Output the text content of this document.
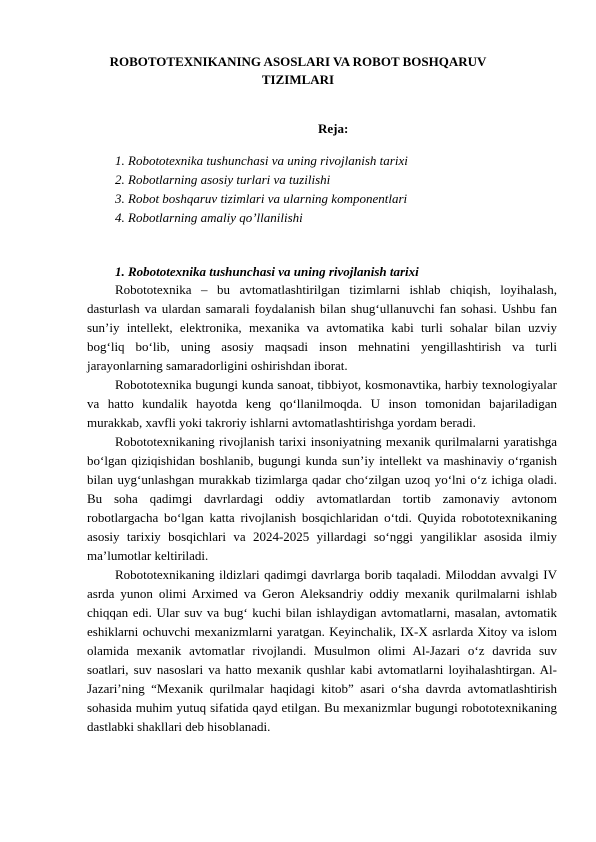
ROBOTOTEXNIKANING ASOSLARI VA ROBOT BOSHQARUV TIZIMLARI
Reja:
1. Robototexnika tushunchasi va uning rivojlanish tarixi
2. Robotlarning asosiy turlari va tuzilishi
3. Robot boshqaruv tizimlari va ularning komponentlari
4. Robotlarning amaliy qo’llanilishi
1. Robototexnika tushunchasi va uning rivojlanish tarixi

Robototexnika – bu avtomatlashtirilgan tizimlarni ishlab chiqish, loyihalash, dasturlash va ulardan samarali foydalanish bilan shug‘ullanuvchi fan sohasi. Ushbu fan sun’iy intellekt, elektronika, mexanika va avtomatika kabi turli sohalar bilan uzviy bog‘liq bo‘lib, uning asosiy maqsadi inson mehnatini yengillashtirish va turli jarayonlarning samaradorligini oshirishdan iborat.

Robototexnika bugungi kunda sanoat, tibbiyot, kosmonavtika, harbiy texnologiyalar va hatto kundalik hayotda keng qo‘llanilmoqda. U inson tomonidan bajariladigan murakkab, xavfli yoki takroriy ishlarni avtomatlashtirishga yordam beradi.

Robototexnikaning rivojlanish tarixi insoniyatning mexanik qurilmalarni yaratishga bo‘lgan qiziqishidan boshlanib, bugungi kunda sun’iy intellekt va mashinaviy o‘rganish bilan uyg‘unlashgan murakkab tizimlarga qadar cho‘zilgan uzoq yo‘lni o‘z ichiga oladi. Bu soha qadimgi davrlardagi oddiy avtomatlardan tortib zamonaviy avtonom robotlargacha bo‘lgan katta rivojlanish bosqichlaridan o‘tdi. Quyida robototexnikaning asosiy tarixiy bosqichlari va 2024-2025 yillardagi so‘nggi yangiliklar asosida ilmiy ma’lumotlar keltiriladi.

Robototexnikaning ildizlari qadimgi davrlarga borib taqaladi. Miloddan avvalgi IV asrda yunon olimi Arximed va Geron Aleksandriy oddiy mexanik qurilmalarni ishlab chiqqan edi. Ular suv va bug‘ kuchi bilan ishlaydigan avtomatlarni, masalan, avtomatik eshiklarni ochuvchi mexanizmlarni yaratgan. Keyinchalik, IX-X asrlarda Xitoy va islom olamida mexanik avtomatlar rivojlandi. Musulmon olimi Al-Jazari o‘z davrida suv soatlari, suv nasoslari va hatto mexanik qushlar kabi avtomatlarni loyihalashtirgan. Al-Jazari’ning “Mexanik qurilmalar haqidagi kitob” asari o‘sha davrda avtomatlashtirish sohasida muhim yutuq sifatida qayd etilgan. Bu mexanizmlar bugungi robototexnikaning dastlabki shakllari deb hisoblanadi.
